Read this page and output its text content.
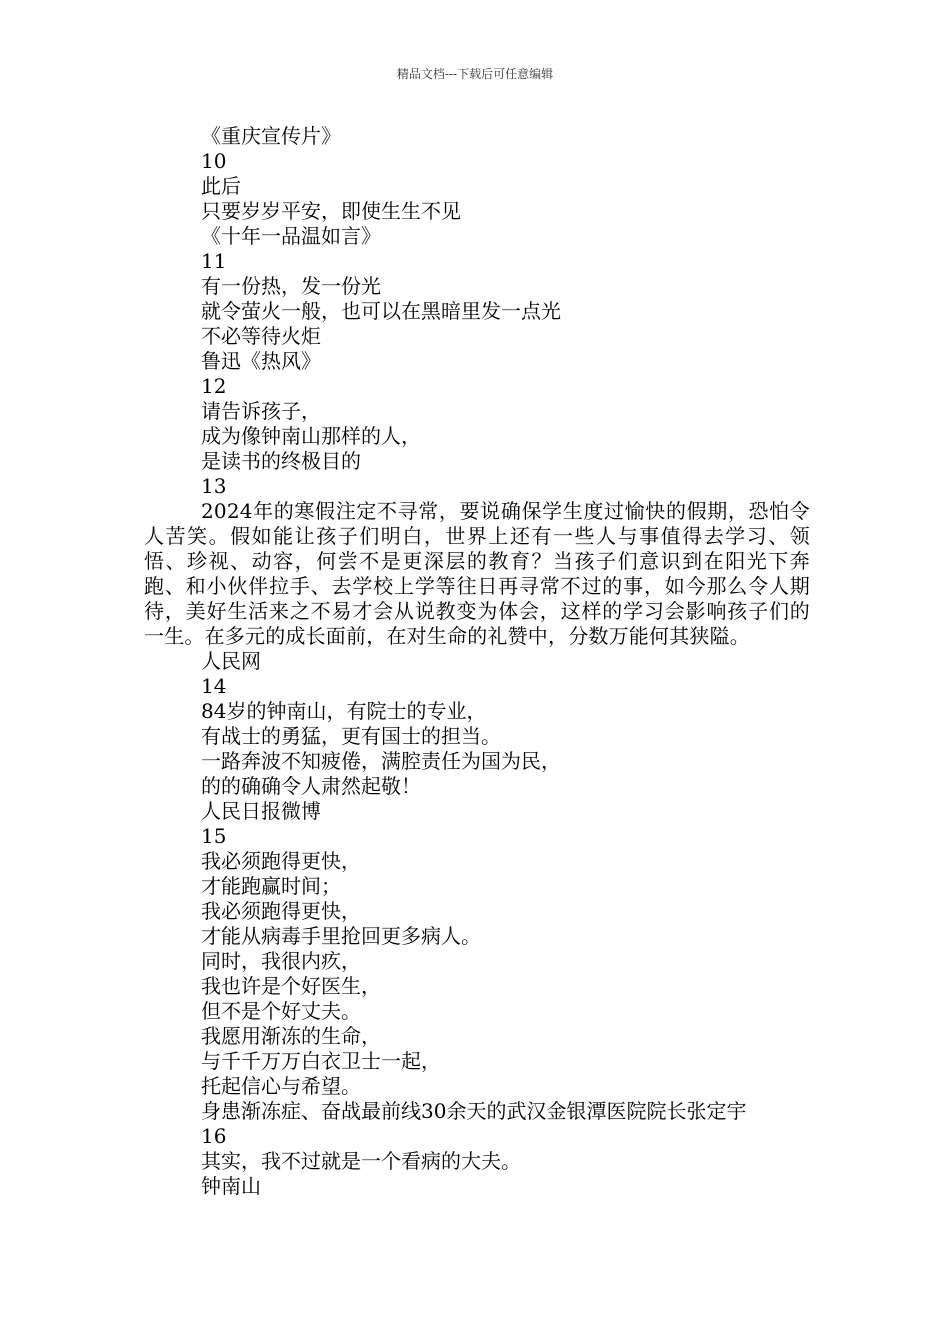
精品文档---下载后可任意编辑
《重庆宣传片》
10
此后
只要岁岁平安，即使生生不见
《十年一品温如言》
11
有一份热，发一份光
就令萤火一般，也可以在黑暗里发一点光
不必等待火炬
鲁迅《热风》
12
请告诉孩子，
成为像钟南山那样的人，
是读书的终极目的
13

2024年的寒假注定不寻常，要说确保学生度过愉快的假期，恐怕令人苦笑。假如能让孩子们明白，世界上还有一些人与事值得去学习、领悟、珍视、动容，何尝不是更深层的教育？当孩子们意识到在阳光下奔跑、和小伙伴拉手、去学校上学等往日再寻常不过的事，如今那么令人期待，美好生活来之不易才会从说教变为体会，这样的学习会影响孩子们的一生。在多元的成长面前，在对生命的礼赞中，分数万能何其狭隘。

人民网
14
84岁的钟南山，有院士的专业，
有战士的勇猛，更有国士的担当。
一路奔波不知疲倦，满腔责任为国为民，
的的确确令人肃然起敬！
人民日报微博
15
我必须跑得更快，
才能跑赢时间；
我必须跑得更快，
才能从病毒手里抢回更多病人。
同时，我很内疚，
我也许是个好医生，
但不是个好丈夫。
我愿用渐冻的生命，
与千千万万白衣卫士一起，
托起信心与希望。
身患渐冻症、奋战最前线30余天的武汉金银潭医院院长张定宇
16
其实，我不过就是一个看病的大夫。
钟南山
